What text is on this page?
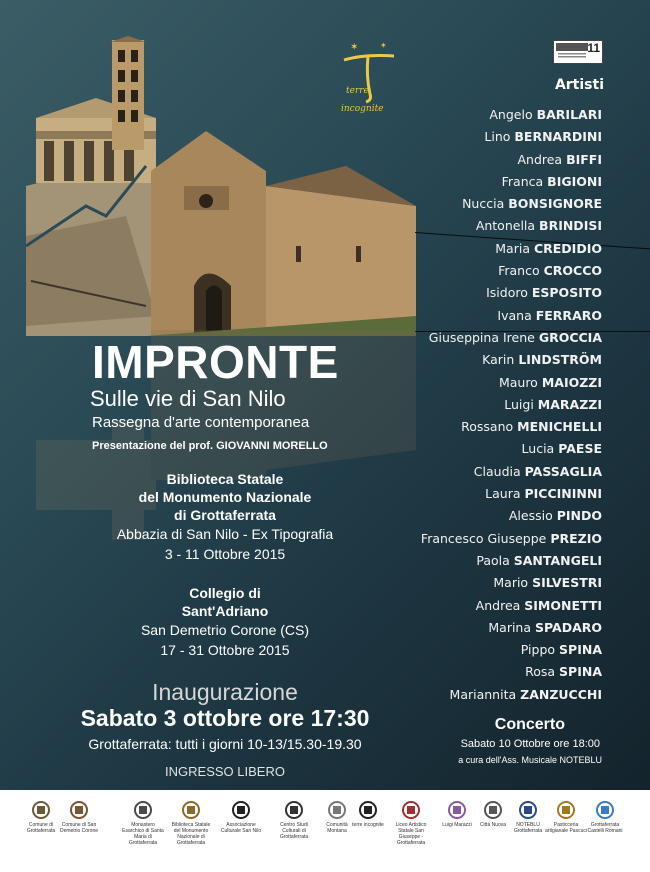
✶	✶
terre
incognite
11
Artisti
Angelo BARILARI
Lino BERNARDINI
Andrea BIFFI
Franca BIGIONI
Nuccia BONSIGNORE
Antonella BRINDISI
Maria CREDIDIO
Franco CROCCO
Isidoro ESPOSITO
Ivana FERRARO
Giuseppina Irene GROCCIA
Karin LINDSTRÖM
Mauro MAIOZZI
Luigi MARAZZI
Rossano MENICHELLI
Lucia PAESE
Claudia PASSAGLIA
Laura PICCININNI
Alessio PINDO
Francesco Giuseppe PREZIO
Paola SANTANGELI
Mario SILVESTRI
Andrea SIMONETTI
Marina SPADARO
Pippo SPINA
Rosa SPINA
Mariannita ZANZUCCHI
IMPRONTE
Sulle vie di San Nilo
Rassegna d'arte contemporanea
Presentazione del prof. GIOVANNI MORELLO
Biblioteca Statale
del Monumento Nazionale
di Grottaferrata
Abbazia di San Nilo - Ex Tipografia
3 - 11 Ottobre 2015
Collegio di
Sant'Adriano
San Demetrio Corone (CS)
17 - 31 Ottobre 2015
Inaugurazione
Sabato 3 ottobre ore 17:30
Grottaferrata: tutti i giorni 10-13/15.30-19.30
INGRESSO LIBERO
Concerto
Sabato 10 Ottobre ore 18:00
a cura dell'Ass. Musicale NOTEBLU
Comune di Grottaferrata
Comune di San Demetrio Corone
Monastero Esarchico di Santa Maria di Grottaferrata
Biblioteca Statale del Monumento Nazionale di Grottaferrata
Associazione Culturale San Nilo
Centro Studi Culturali di Grottaferrata
Comunità Montana
terre incognite	Liceo Artistico Statale San Giuseppe - Grottaferrata
Luigi Marazzi	Città Nuova	NOTEBLU Grottaferrata
Pasticceria artigianale Pascuci
Grottaferrata Castelli Romani
